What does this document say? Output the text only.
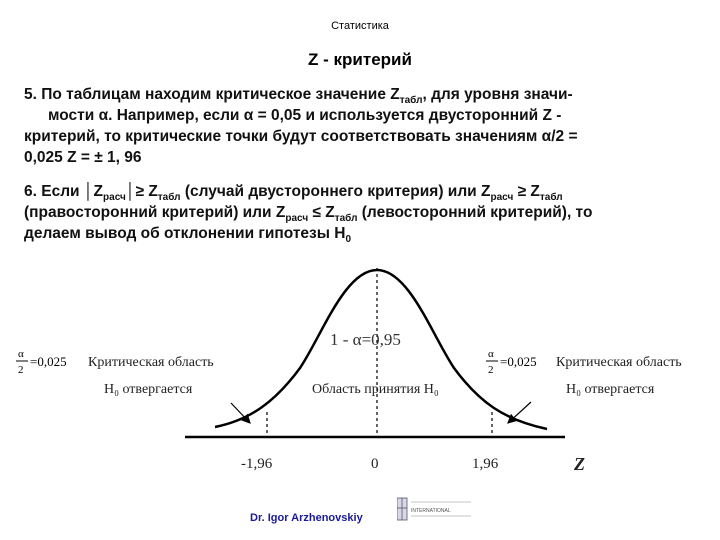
Статистика
Z - критерий
5. По таблицам находим критическое значение $Z_{табл}$, для уровня значи-
мости α. Например, если α = 0,05 и используется двусторонний Z -
критерий, то критические точки будут соответствовать значениям α/2 =
0,025 Z = ± 1, 96
6. Если $│Z_{расч}│\ge Z_{табл}$ (случай двустороннего критерия) или $Z_{расч} \ge Z_{табл}$
(правосторонний критерий) или $Z_{расч} \le Z_{табл}$ (левосторонний критерий), то
делаем вывод об отклонении гипотезы $H_0$
1 - α=0,95
α
2
=0,025 Критическая область
H₀ отвергается	Область принятия H₀
α
2
=0,025 Критическая область
H₀ отвергается
-1,96	0	1,96	Z
Dr. Igor Arzhenovskiy
INTERNATIONAL
